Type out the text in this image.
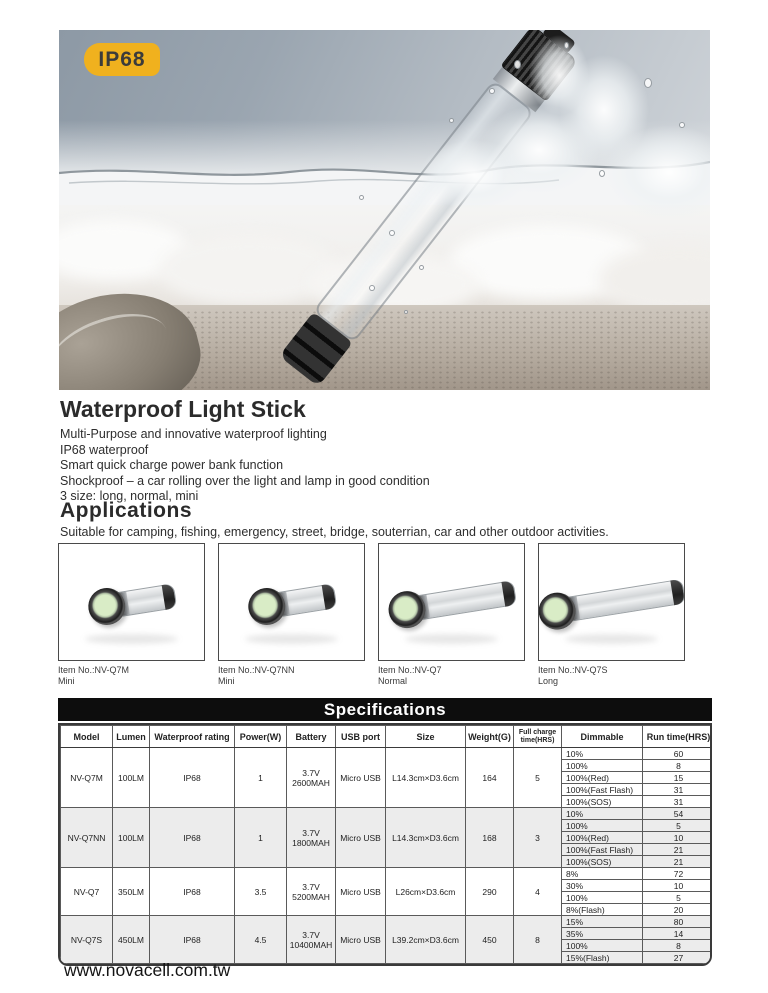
IP68
Waterproof Light Stick
Multi-Purpose and innovative waterproof lighting
IP68 waterproof
Smart quick charge power bank function
Shockproof – a car rolling over the light and lamp in good condition
3 size: long, normal, mini
Applications

Suitable for camping, fishing, emergency, street, bridge, souterrian, car and other outdoor activities.

Item No.:NV-Q7M
Mini
Item No.:NV-Q7NN
Mini
Item No.:NV-Q7
Normal
Item No.:NV-Q7S
Long
Specifications
Model	Lumen	Waterproof rating	Power(W)	Battery	USB port	Size	Weight(G)	Full charge time(HRS)	Dimmable	Run time(HRS)
NV-Q7M	100LM	IP68	1	3.7V 2600MAH	Micro USB	L14.3cm×D3.6cm	164	5	10%	60
									100%	8
									100%(Red)	15
									100%(Fast Flash)	31
									100%(SOS)	31
NV-Q7NN	100LM	IP68	1	3.7V 1800MAH	Micro USB	L14.3cm×D3.6cm	168	3	10%	54
									100%	5
									100%(Red)	10
									100%(Fast Flash)	21
									100%(SOS)	21
NV-Q7	350LM	IP68	3.5	3.7V 5200MAH	Micro USB	L26cm×D3.6cm	290	4	8%	72
									30%	10
									100%	5
									8%(Flash)	20
NV-Q7S	450LM	IP68	4.5	3.7V 10400MAH	Micro USB	L39.2cm×D3.6cm	450	8	15%	80
									35%	14
									100%	8
									15%(Flash)	27
www.novacell.com.tw
